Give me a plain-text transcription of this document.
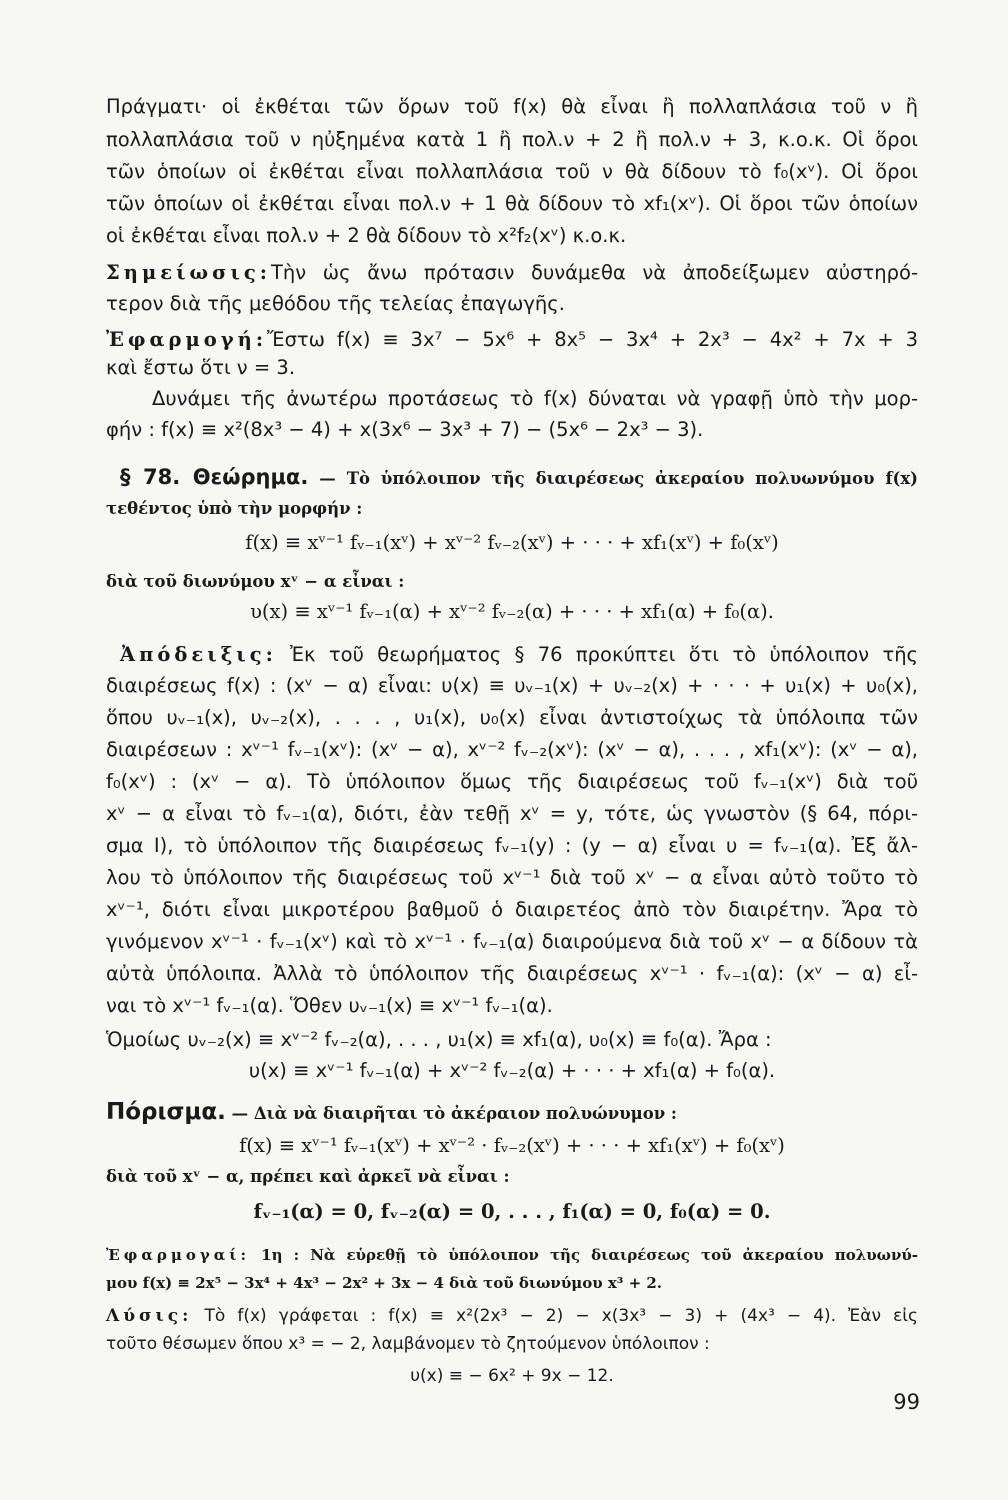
Πράγματι· οἱ ἐκθέται τῶν ὅρων τοῦ f(x) θὰ εἶναι ἢ πολλαπλάσια τοῦ ν ἢ
πολλαπλάσια τοῦ ν ηὐξημένα κατὰ 1 ἢ πολ.ν + 2 ἢ πολ.ν + 3, κ.ο.κ. Οἱ ὅροι
τῶν ὁποίων οἱ ἐκθέται εἶναι πολλαπλάσια τοῦ ν θὰ δίδουν τὸ f₀(xᵛ). Οἱ ὅροι
τῶν ὁποίων οἱ ἐκθέται εἶναι πολ.ν + 1 θὰ δίδουν τὸ xf₁(xᵛ). Οἱ ὅροι τῶν ὁποίων
οἱ ἐκθέται εἶναι πολ.ν + 2 θὰ δίδουν τὸ x²f₂(xᵛ) κ.ο.κ.
Σημείωσις:Τὴν ὡς ἄνω πρότασιν δυνάμεθα νὰ ἀποδείξωμεν αὐστηρό-
τερον διὰ τῆς μεθόδου τῆς τελείας ἐπαγωγῆς.
Ἐφαρμογή:Ἔστω f(x) ≡ 3x⁷ − 5x⁶ + 8x⁵ − 3x⁴ + 2x³ − 4x² + 7x + 3
καὶ ἔστω ὅτι ν = 3.
Δυνάμει τῆς ἀνωτέρω προτάσεως τὸ f(x) δύναται νὰ γραφῇ ὑπὸ τὴν μορ-
φήν : f(x) ≡ x²(8x³ − 4) + x(3x⁶ − 3x³ + 7) − (5x⁶ − 2x³ − 3).
§ 78. Θεώρημα. — Τὸ ὑπόλοιπον τῆς διαιρέσεως ἀκεραίου πολυωνύμου f(x)
τεθέντος ὑπὸ τὴν μορφήν :
f(x) ≡ xᵛ⁻¹ fᵥ₋₁(xᵛ) + xᵛ⁻² fᵥ₋₂(xᵛ) + · · · + xf₁(xᵛ) + f₀(xᵛ)
διὰ τοῦ διωνύμου xᵛ − α εἶναι :
υ(x) ≡ xᵛ⁻¹ fᵥ₋₁(α) + xᵛ⁻² fᵥ₋₂(α) + · · · + xf₁(α) + f₀(α).
Ἀπόδειξις: Ἐκ τοῦ θεωρήματος § 76 προκύπτει ὅτι τὸ ὑπόλοιπον τῆς
διαιρέσεως f(x) : (xᵛ − α) εἶναι: υ(x) ≡ υᵥ₋₁(x) + υᵥ₋₂(x) + · · · + υ₁(x) + υ₀(x),
ὅπου υᵥ₋₁(x), υᵥ₋₂(x), . . . , υ₁(x), υ₀(x) εἶναι ἀντιστοίχως τὰ ὑπόλοιπα τῶν
διαιρέσεων : xᵛ⁻¹ fᵥ₋₁(xᵛ): (xᵛ − α), xᵛ⁻² fᵥ₋₂(xᵛ): (xᵛ − α), . . . , xf₁(xᵛ): (xᵛ − α),
f₀(xᵛ) : (xᵛ − α). Τὸ ὑπόλοιπον ὅμως τῆς διαιρέσεως τοῦ fᵥ₋₁(xᵛ) διὰ τοῦ
xᵛ − α εἶναι τὸ fᵥ₋₁(α), διότι, ἐὰν τεθῇ xᵛ = y, τότε, ὡς γνωστὸν (§ 64, πόρι-
σμα I), τὸ ὑπόλοιπον τῆς διαιρέσεως fᵥ₋₁(y) : (y − α) εἶναι υ = fᵥ₋₁(α). Ἐξ ἄλ-
λου τὸ ὑπόλοιπον τῆς διαιρέσεως τοῦ xᵛ⁻¹ διὰ τοῦ xᵛ − α εἶναι αὐτὸ τοῦτο τὸ
xᵛ⁻¹, διότι εἶναι μικροτέρου βαθμοῦ ὁ διαιρετέος ἀπὸ τὸν διαιρέτην. Ἄρα τὸ
γινόμενον xᵛ⁻¹ · fᵥ₋₁(xᵛ) καὶ τὸ xᵛ⁻¹ · fᵥ₋₁(α) διαιρούμενα διὰ τοῦ xᵛ − α δίδουν τὰ
αὐτὰ ὑπόλοιπα. Ἀλλὰ τὸ ὑπόλοιπον τῆς διαιρέσεως xᵛ⁻¹ · fᵥ₋₁(α): (xᵛ − α) εἶ-
ναι τὸ xᵛ⁻¹ fᵥ₋₁(α). Ὅθεν υᵥ₋₁(x) ≡ xᵛ⁻¹ fᵥ₋₁(α).
Ὁμοίως υᵥ₋₂(x) ≡ xᵛ⁻² fᵥ₋₂(α), . . . , υ₁(x) ≡ xf₁(α), υ₀(x) ≡ f₀(α). Ἄρα :
υ(x) ≡ xᵛ⁻¹ fᵥ₋₁(α) + xᵛ⁻² fᵥ₋₂(α) + · · · + xf₁(α) + f₀(α).
Πόρισμα. — Διὰ νὰ διαιρῆται τὸ ἀκέραιον πολυώνυμον :
f(x) ≡ xᵛ⁻¹ fᵥ₋₁(xᵛ) + xᵛ⁻² · fᵥ₋₂(xᵛ) + · · · + xf₁(xᵛ) + f₀(xᵛ)
διὰ τοῦ xᵛ − α, πρέπει καὶ ἀρκεῖ νὰ εἶναι :
fᵥ₋₁(α) = 0, fᵥ₋₂(α) = 0, . . . , f₁(α) = 0, f₀(α) = 0.
Ἐφαρμογαί: 1η : Νὰ εὑρεθῇ τὸ ὑπόλοιπον τῆς διαιρέσεως τοῦ ἀκεραίου πολυωνύ-
μου f(x) ≡ 2x⁵ − 3x⁴ + 4x³ − 2x² + 3x − 4 διὰ τοῦ διωνύμου x³ + 2.
Λύσις: Τὸ f(x) γράφεται : f(x) ≡ x²(2x³ − 2) − x(3x³ − 3) + (4x³ − 4). Ἐὰν εἰς
τοῦτο θέσωμεν ὅπου x³ = − 2, λαμβάνομεν τὸ ζητούμενον ὑπόλοιπον :
υ(x) ≡ − 6x² + 9x − 12.
99
